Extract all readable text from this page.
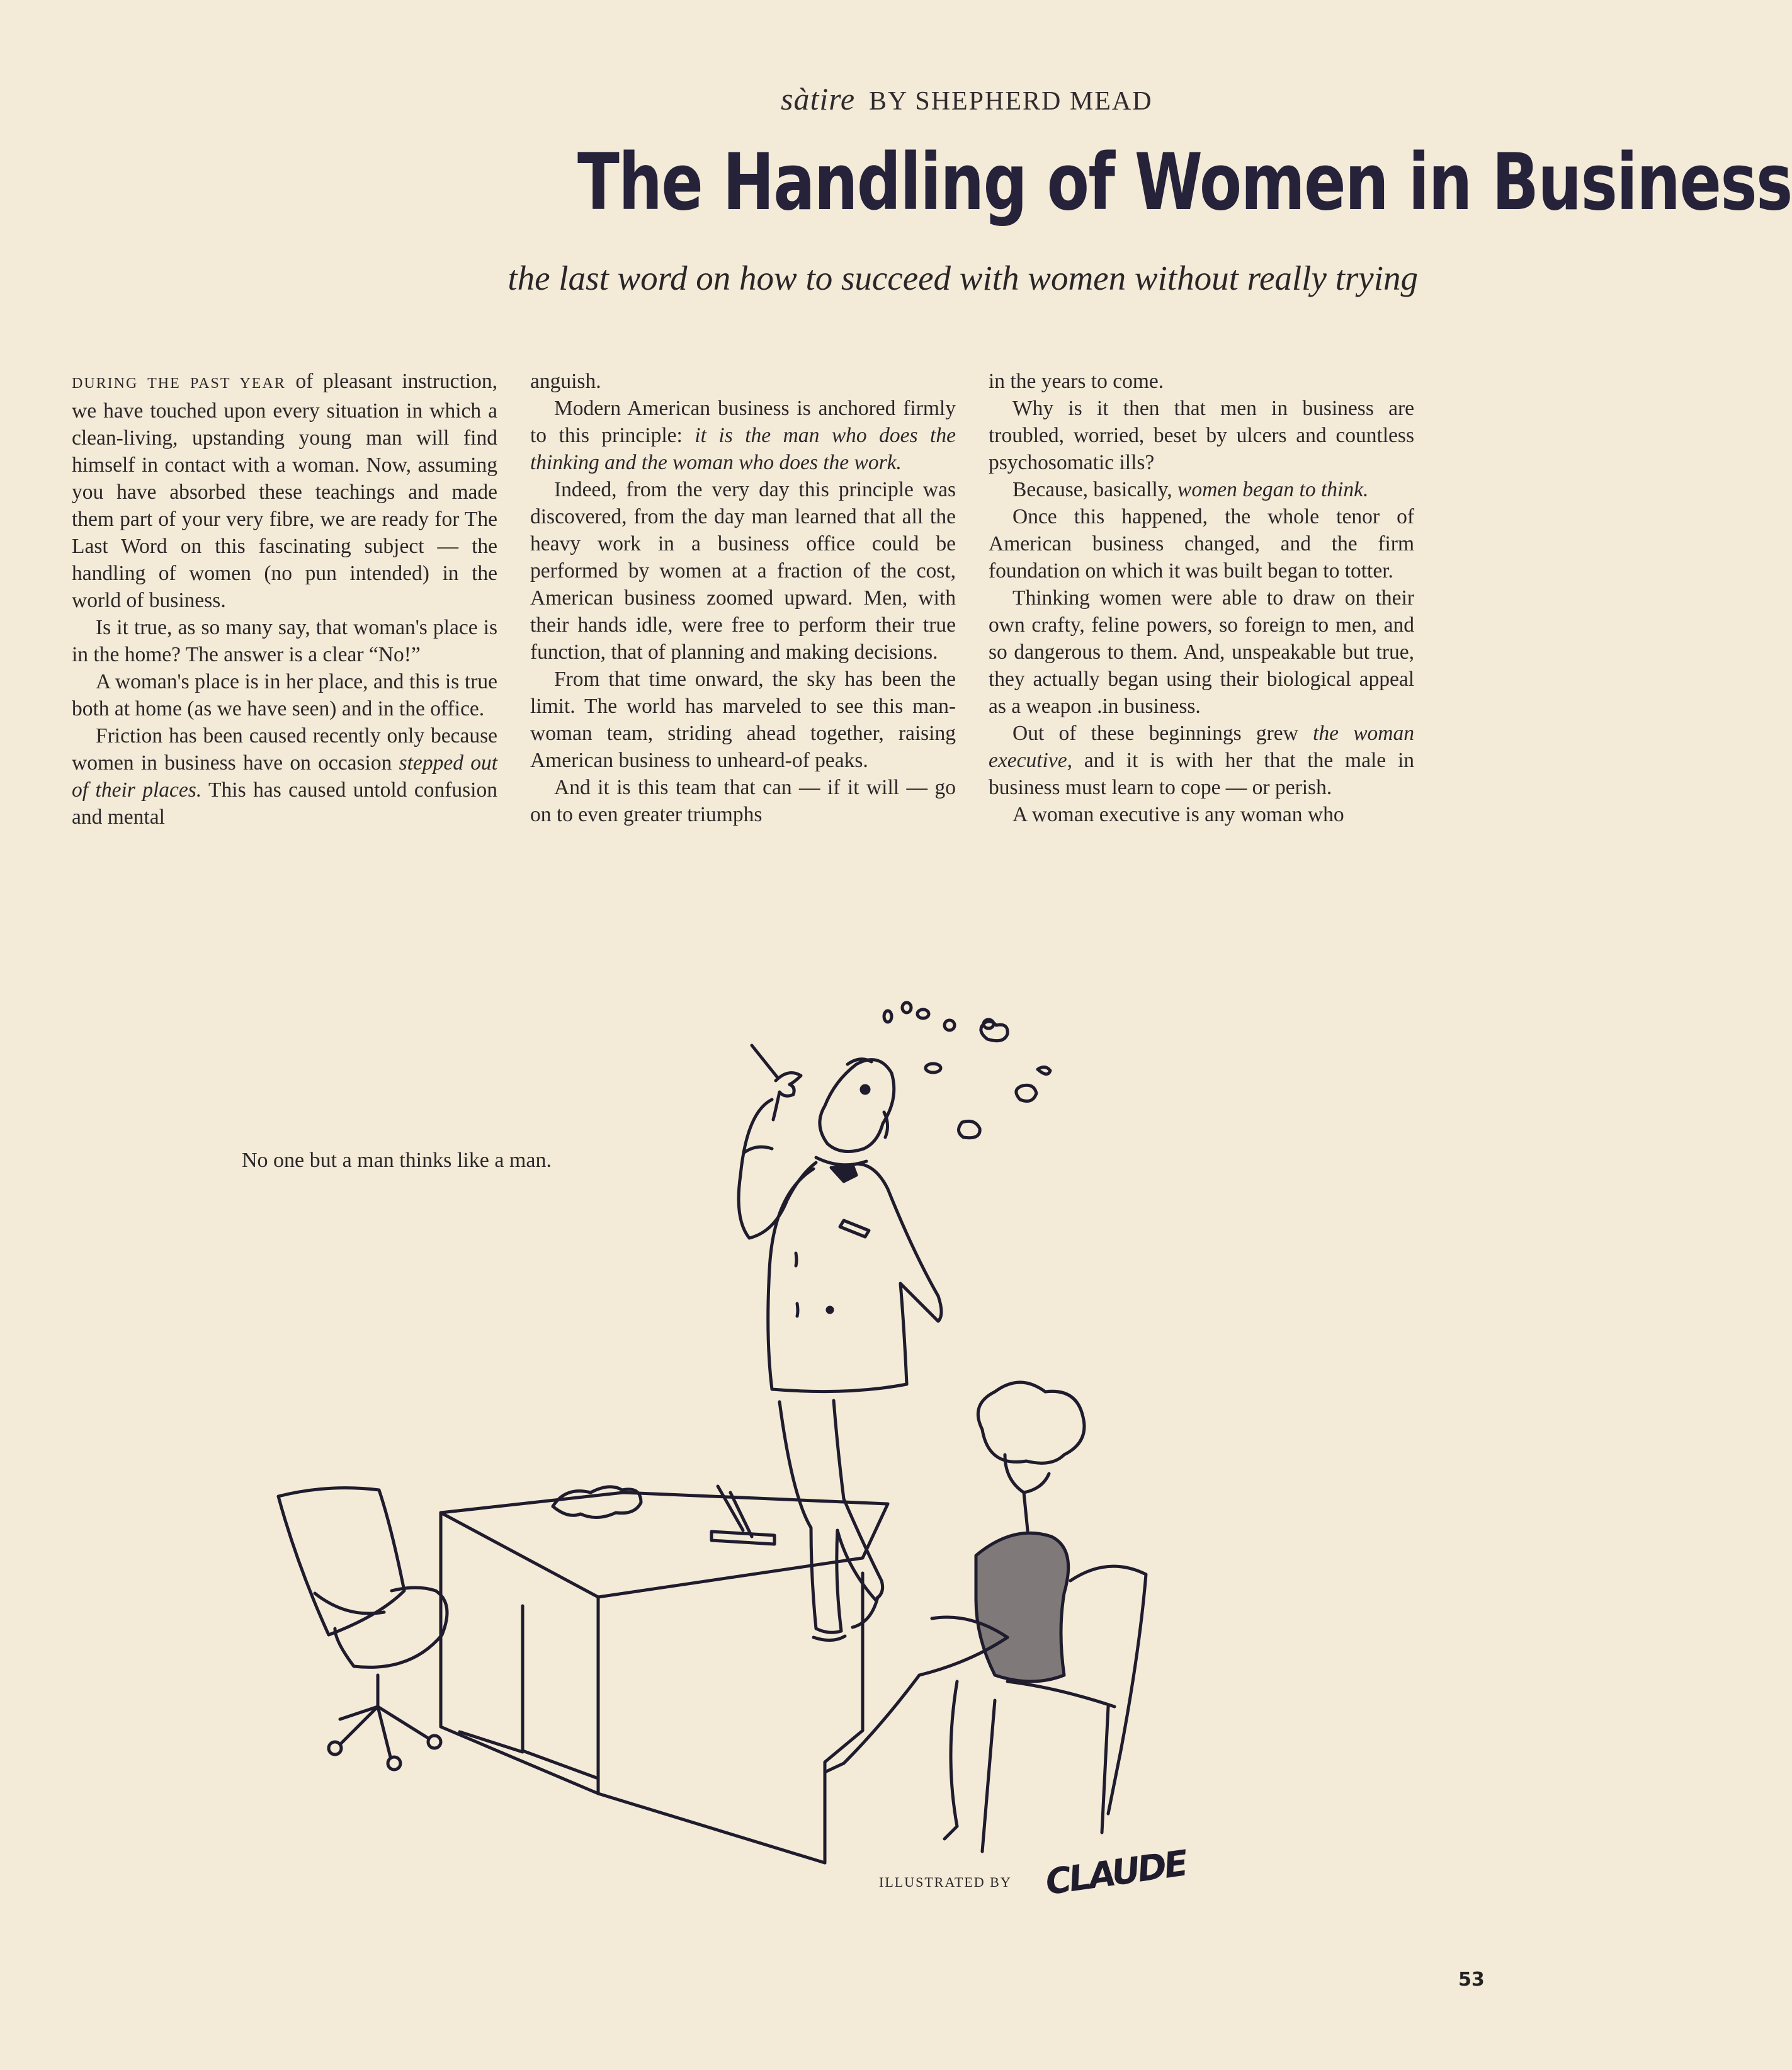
sàtire BY SHEPHERD MEAD
The Handling of Women in Business
the last word on how to succeed with women without really trying

DURING THE PAST YEAR of pleasant instruction, we have touched upon every situation in which a clean-living, upstanding young man will find himself in contact with a woman. Now, assuming you have absorbed these teachings and made them part of your very fibre, we are ready for The Last Word on this fascinating subject — the handling of women (no pun intended) in the world of business.

Is it true, as so many say, that woman's place is in the home? The answer is a clear “No!”

A woman's place is in her place, and this is true both at home (as we have seen) and in the office.

Friction has been caused recently only because women in business have on occasion stepped out of their places. This has caused untold confusion and mental

anguish.

Modern American business is anchored firmly to this principle: it is the man who does the thinking and the woman who does the work.

Indeed, from the very day this principle was discovered, from the day man learned that all the heavy work in a business office could be performed by women at a fraction of the cost, American business zoomed upward. Men, with their hands idle, were free to perform their true function, that of planning and making decisions.

From that time onward, the sky has been the limit. The world has marveled to see this man-woman team, striding ahead together, raising American business to unheard-of peaks.

And it is this team that can — if it will — go on to even greater triumphs

in the years to come.

Why is it then that men in business are troubled, worried, beset by ulcers and countless psychosomatic ills?

Because, basically, women began to think.

Once this happened, the whole tenor of American business changed, and the firm foundation on which it was built began to totter.

Thinking women were able to draw on their own crafty, feline powers, so foreign to men, and so dangerous to them. And, unspeakable but true, they actually began using their biological appeal as a weapon .in business.

Out of these beginnings grew the woman executive, and it is with her that the male in business must learn to cope — or perish.

A woman executive is any woman who

No one but a man thinks like a man.
ILLUSTRATED BY CLAUDE
53
